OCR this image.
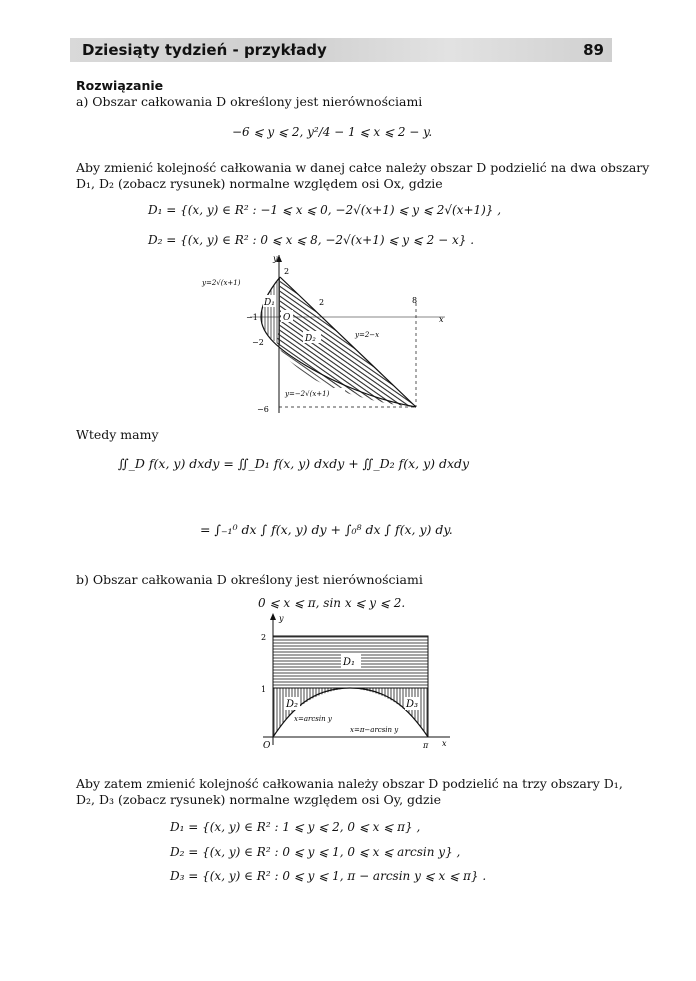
Dziesiąty tydzień - przykłady	89
Rozwiązanie
a) Obszar całkowania D określony jest nierównościami
−6 ⩽ y ⩽ 2, y²/4 − 1 ⩽ x ⩽ 2 − y.
Aby zmienić kolejność całkowania w danej całce należy obszar D podzielić na dwa obszary
D₁, D₂ (zobacz rysunek) normalne względem osi Ox, gdzie
D₁ = {(x, y) ∈ R² : −1 ⩽ x ⩽ 0, −2√(x+1) ⩽ y ⩽ 2√(x+1)} ,
D₂ = {(x, y) ∈ R² : 0 ⩽ x ⩽ 8, −2√(x+1) ⩽ y ⩽ 2 − x} .
O
y
x
2
−2
−6
−1
2	8
D₁
D₂
y=2√(x+1)
y=2−x
y=−2√(x+1)
Wtedy mamy
∬_D f(x, y) dxdy = ∬_D₁ f(x, y) dxdy + ∬_D₂ f(x, y) dxdy
= ∫₋₁⁰ dx ∫ f(x, y) dy + ∫₀⁸ dx ∫ f(x, y) dy.
b) Obszar całkowania D określony jest nierównościami
0 ⩽ x ⩽ π, sin x ⩽ y ⩽ 2.
y
x
O
2
1
π
D₁
D₂	D₃
x=arcsin y
x=π−arcsin y
Aby zatem zmienić kolejność całkowania należy obszar D podzielić na trzy obszary D₁,
D₂, D₃ (zobacz rysunek) normalne względem osi Oy, gdzie
D₁ = {(x, y) ∈ R² : 1 ⩽ y ⩽ 2, 0 ⩽ x ⩽ π} ,
D₂ = {(x, y) ∈ R² : 0 ⩽ y ⩽ 1, 0 ⩽ x ⩽ arcsin y} ,
D₃ = {(x, y) ∈ R² : 0 ⩽ y ⩽ 1, π − arcsin y ⩽ x ⩽ π} .
